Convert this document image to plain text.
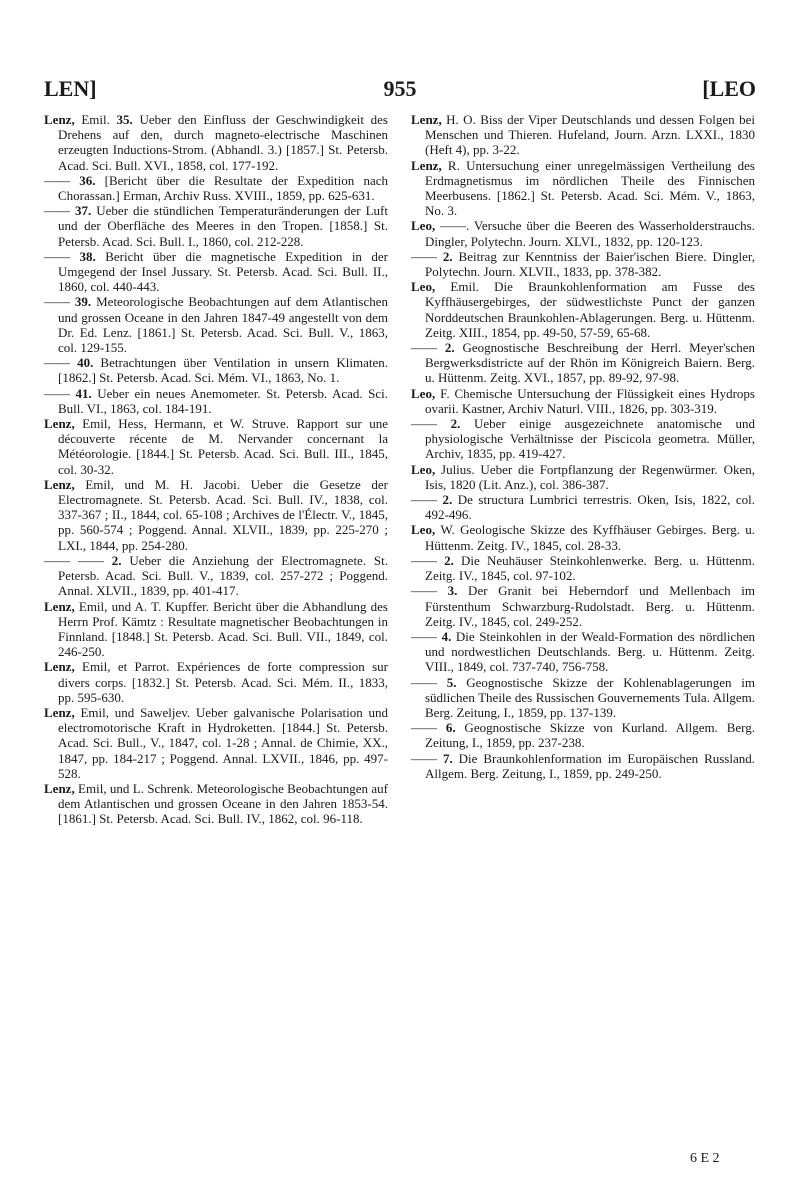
LEN]	955	[LEO

Lenz, Emil. 35. Ueber den Einfluss der Geschwindigkeit des Drehens auf den, durch magneto-electrische Maschinen erzeugten Inductions-Strom. (Abhandl. 3.) [1857.] St. Petersb. Acad. Sci. Bull. XVI., 1858, col. 177-192.

—— 36. [Bericht über die Resultate der Expedition nach Chorassan.] Erman, Archiv Russ. XVIII., 1859, pp. 625-631.

—— 37. Ueber die stündlichen Temperaturänderungen der Luft und der Oberfläche des Meeres in den Tropen. [1858.] St. Petersb. Acad. Sci. Bull. I., 1860, col. 212-228.

—— 38. Bericht über die magnetische Expedition in der Umgegend der Insel Jussary. St. Petersb. Acad. Sci. Bull. II., 1860, col. 440-443.

—— 39. Meteorologische Beobachtungen auf dem Atlantischen und grossen Oceane in den Jahren 1847-49 angestellt von dem Dr. Ed. Lenz. [1861.] St. Petersb. Acad. Sci. Bull. V., 1863, col. 129-155.

—— 40. Betrachtungen über Ventilation in unsern Klimaten. [1862.] St. Petersb. Acad. Sci. Mém. VI., 1863, No. 1.

—— 41. Ueber ein neues Anemometer. St. Petersb. Acad. Sci. Bull. VI., 1863, col. 184-191.

Lenz, Emil, Hess, Hermann, et W. Struve. Rapport sur une découverte récente de M. Nervander concernant la Météorologie. [1844.] St. Petersb. Acad. Sci. Bull. III., 1845, col. 30-32.

Lenz, Emil, und M. H. Jacobi. Ueber die Gesetze der Electromagnete. St. Petersb. Acad. Sci. Bull. IV., 1838, col. 337-367 ; II., 1844, col. 65-108 ; Archives de l'Électr. V., 1845, pp. 560-574 ; Poggend. Annal. XLVII., 1839, pp. 225-270 ; LXI., 1844, pp. 254-280.

—— —— 2. Ueber die Anziehung der Electromagnete. St. Petersb. Acad. Sci. Bull. V., 1839, col. 257-272 ; Poggend. Annal. XLVII., 1839, pp. 401-417.

Lenz, Emil, und A. T. Kupffer. Bericht über die Abhandlung des Herrn Prof. Kämtz : Resultate magnetischer Beobachtungen in Finnland. [1848.] St. Petersb. Acad. Sci. Bull. VII., 1849, col. 246-250.

Lenz, Emil, et Parrot. Expériences de forte compression sur divers corps. [1832.] St. Petersb. Acad. Sci. Mém. II., 1833, pp. 595-630.

Lenz, Emil, und Saweljev. Ueber galvanische Polarisation und electromotorische Kraft in Hydroketten. [1844.] St. Petersb. Acad. Sci. Bull., V., 1847, col. 1-28 ; Annal. de Chimie, XX., 1847, pp. 184-217 ; Poggend. Annal. LXVII., 1846, pp. 497-528.

Lenz, Emil, und L. Schrenk. Meteorologische Beobachtungen auf dem Atlantischen und grossen Oceane in den Jahren 1853-54. [1861.] St. Petersb. Acad. Sci. Bull. IV., 1862, col. 96-118.

Lenz, H. O. Biss der Viper Deutschlands und dessen Folgen bei Menschen und Thieren. Hufeland, Journ. Arzn. LXXI., 1830 (Heft 4), pp. 3-22.

Lenz, R. Untersuchung einer unregelmässigen Vertheilung des Erdmagnetismus im nördlichen Theile des Finnischen Meerbusens. [1862.] St. Petersb. Acad. Sci. Mém. V., 1863, No. 3.

Leo, ——. Versuche über die Beeren des Wasserholderstrauchs. Dingler, Polytechn. Journ. XLVI., 1832, pp. 120-123.

—— 2. Beitrag zur Kenntniss der Baier'ischen Biere. Dingler, Polytechn. Journ. XLVII., 1833, pp. 378-382.

Leo, Emil. Die Braunkohlenformation am Fusse des Kyffhäusergebirges, der südwestlichste Punct der ganzen Norddeutschen Braunkohlen-Ablagerungen. Berg. u. Hüttenm. Zeitg. XIII., 1854, pp. 49-50, 57-59, 65-68.

—— 2. Geognostische Beschreibung der Herrl. Meyer'schen Bergwerksdistricte auf der Rhön im Königreich Baiern. Berg. u. Hüttenm. Zeitg. XVI., 1857, pp. 89-92, 97-98.

Leo, F. Chemische Untersuchung der Flüssigkeit eines Hydrops ovarii. Kastner, Archiv Naturl. VIII., 1826, pp. 303-319.

—— 2. Ueber einige ausgezeichnete anatomische und physiologische Verhältnisse der Piscicola geometra. Müller, Archiv, 1835, pp. 419-427.

Leo, Julius. Ueber die Fortpflanzung der Regenwürmer. Oken, Isis, 1820 (Lit. Anz.), col. 386-387.

—— 2. De structura Lumbrici terrestris. Oken, Isis, 1822, col. 492-496.

Leo, W. Geologische Skizze des Kyffhäuser Gebirges. Berg. u. Hüttenm. Zeitg. IV., 1845, col. 28-33.

—— 2. Die Neuhäuser Steinkohlenwerke. Berg. u. Hüttenm. Zeitg. IV., 1845, col. 97-102.

—— 3. Der Granit bei Heberndorf und Mellenbach im Fürstenthum Schwarzburg-Rudolstadt. Berg. u. Hüttenm. Zeitg. IV., 1845, col. 249-252.

—— 4. Die Steinkohlen in der Weald-Formation des nördlichen und nordwestlichen Deutschlands. Berg. u. Hüttenm. Zeitg. VIII., 1849, col. 737-740, 756-758.

—— 5. Geognostische Skizze der Kohlenablagerungen im südlichen Theile des Russischen Gouvernements Tula. Allgem. Berg. Zeitung, I., 1859, pp. 137-139.

—— 6. Geognostische Skizze von Kurland. Allgem. Berg. Zeitung, I., 1859, pp. 237-238.

—— 7. Die Braunkohlenformation im Europäischen Russland. Allgem. Berg. Zeitung, I., 1859, pp. 249-250.

6 E 2
